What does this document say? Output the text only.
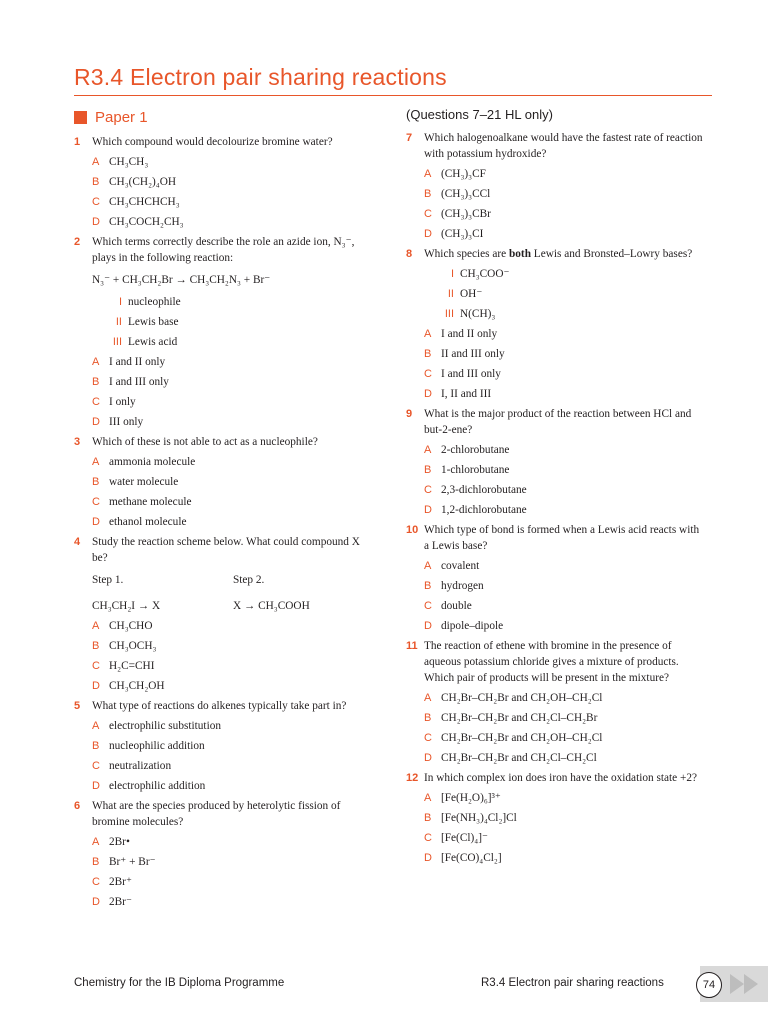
R3.4 Electron pair sharing reactions
Paper 1	(Questions 7–21 HL only)
1	Which compound would decolourize bromine water?
A CH₃CH₃
B CH₃(CH₂)₄OH
C CH₃CHCHCH₃
D CH₃COCH₂CH₃
2	Which terms correctly describe the role an azide ion, N₃⁻, plays in the following reaction:
N₃⁻ + CH₃CH₂Br → CH₃CH₂N₃ + Br⁻
I nucleophile
II Lewis base
III Lewis acid
A I and II only
B I and III only
C I only
D III only
3	Which of these is not able to act as a nucleophile?
A ammonia molecule
B water molecule
C methane molecule
D ethanol molecule
4	Study the reaction scheme below. What could compound X be?
Step 1.	Step 2.
CH₃CH₂I → X	X → CH₃COOH
A CH₃CHO
B CH₃OCH₃
C H₂C=CHI
D CH₃CH₂OH
5	What type of reactions do alkenes typically take part in?
A electrophilic substitution
B nucleophilic addition
C neutralization
D electrophilic addition
6	What are the species produced by heterolytic fission of bromine molecules?
A 2Br•
B Br⁺ + Br⁻
C 2Br⁺
D 2Br⁻
7	Which halogenoalkane would have the fastest rate of reaction with potassium hydroxide?
A (CH₃)₃CF
B (CH₃)₃CCl
C (CH₃)₃CBr
D (CH₃)₃CI
8	Which species are both Lewis and Bronsted–Lowry bases?
I CH₃COO⁻
II OH⁻
III N(CH)₃
A I and II only
B II and III only
C I and III only
D I, II and III
9	What is the major product of the reaction between HCl and but-2-ene?
A 2-chlorobutane
B 1-chlorobutane
C 2,3-dichlorobutane
D 1,2-dichlorobutane
10 Which type of bond is formed when a Lewis acid reacts with a Lewis base?
A covalent
B hydrogen
C double
D dipole–dipole
11 The reaction of ethene with bromine in the presence of aqueous potassium chloride gives a mixture of products. Which pair of products will be present in the mixture?
A CH₂Br–CH₂Br and CH₂OH–CH₂Cl
B CH₂Br–CH₂Br and CH₂Cl–CH₂Br
C CH₂Br–CH₂Br and CH₂OH–CH₂Cl
D CH₂Br–CH₂Br and CH₂Cl–CH₂Cl
12 In which complex ion does iron have the oxidation state +2?
A [Fe(H₂O)₆]³⁺
B [Fe(NH₃)₄Cl₂]Cl
C [Fe(Cl)₄]⁻
D [Fe(CO)₄Cl₂]
Chemistry for the IB Diploma Programme	R3.4 Electron pair sharing reactions	74
